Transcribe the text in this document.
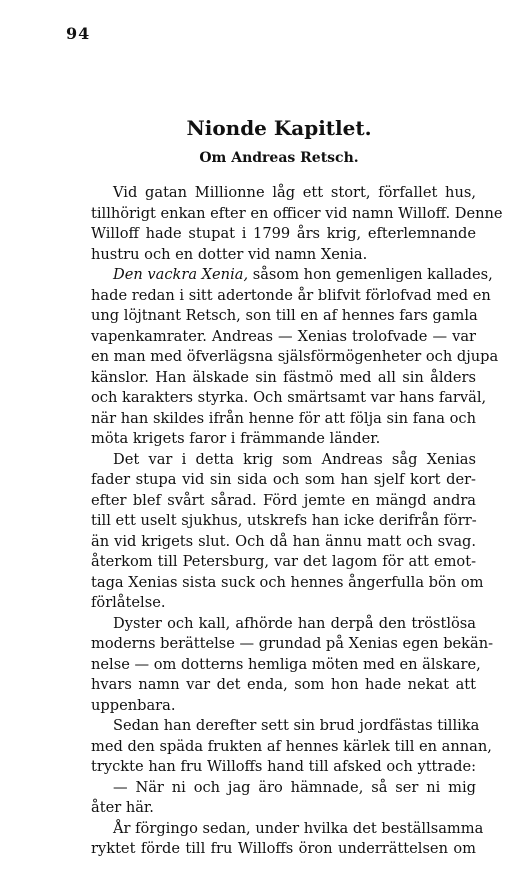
94
Nionde Kapitlet.
Om Andreas Retsch.
Vid gatan Millionne låg ett stort, förfallet hus,
tillhörigt enkan efter en officer vid namn Willoff. Denne
Willoff hade stupat i 1799 års krig, efterlemnande
hustru och en dotter vid namn Xenia.
Den vackra Xenia, såsom hon gemenligen kallades,
hade redan i sitt adertonde år blifvit förlofvad med en
ung löjtnant Retsch, son till en af hennes fars gamla
vapenkamrater. Andreas — Xenias trolofvade — var
en man med öfverlägsna själsförmögenheter och djupa
känslor. Han älskade sin fästmö med all sin ålders
och karakters styrka. Och smärtsamt var hans farväl,
när han skildes ifrån henne för att följa sin fana och
möta krigets faror i främmande länder.
Det var i detta krig som Andreas såg Xenias
fader stupa vid sin sida och som han sjelf kort der-
efter blef svårt sårad. Förd jemte en mängd andra
till ett uselt sjukhus, utskrefs han icke derifrån förr-
än vid krigets slut. Och då han ännu matt och svag.
återkom till Petersburg, var det lagom för att emot-
taga Xenias sista suck och hennes ångerfulla bön om
förlåtelse.
Dyster och kall, afhörde han derpå den tröstlösa
moderns berättelse — grundad på Xenias egen bekän-
nelse — om dotterns hemliga möten med en älskare,
hvars namn var det enda, som hon hade nekat att
uppenbara.
Sedan han derefter sett sin brud jordfästas tillika
med den späda frukten af hennes kärlek till en annan,
tryckte han fru Willoffs hand till afsked och yttrade:
— När ni och jag äro hämnade, så ser ni mig
åter här.
År förgingo sedan, under hvilka det beställsamma
ryktet förde till fru Willoffs öron underrättelsen om
